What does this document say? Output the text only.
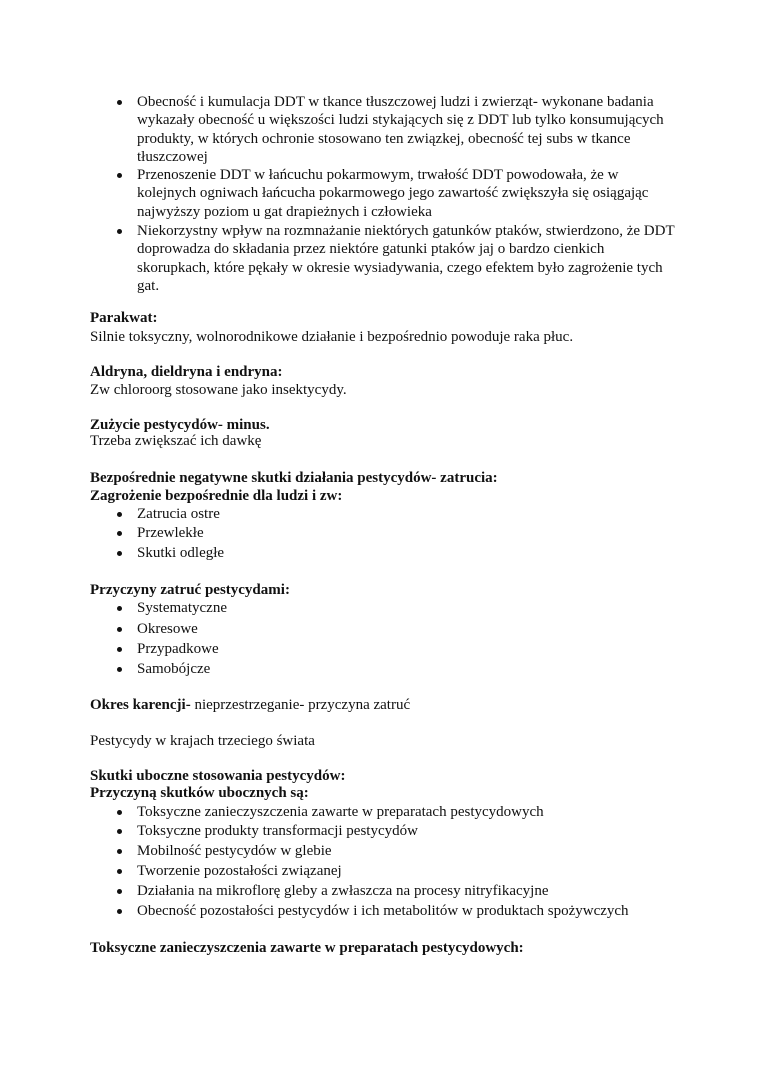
Obecność i kumulacja DDT w tkance tłuszczowej ludzi i zwierząt- wykonane badania wykazały obecność u większości ludzi stykających się z DDT lub tylko konsumujących produkty, w których ochronie stosowano ten związkej, obecność tej subs w tkance tłuszczowej
Przenoszenie DDT w łańcuchu pokarmowym, trwałość DDT powodowała, że w kolejnych ogniwach łańcucha pokarmowego jego zawartość zwiększyła się osiągając najwyższy poziom u gat drapieżnych i człowieka
Niekorzystny wpływ na rozmnażanie niektórych gatunków ptaków, stwierdzono, że DDT doprowadza do składania przez niektóre gatunki ptaków jaj o bardzo cienkich skorupkach, które pękały w okresie wysiadywania, czego efektem było zagrożenie tych gat.
Parakwat:
Silnie toksyczny, wolnorodnikowe działanie i bezpośrednio powoduje raka płuc.
Aldryna, dieldryna i endryna:
Zw chloroorg stosowane jako insektycydy.
Zużycie pestycydów- minus.
Trzeba zwiększać ich dawkę
Bezpośrednie negatywne skutki działania pestycydów- zatrucia:
Zagrożenie bezpośrednie dla ludzi i zw:
Zatrucia ostre
Przewlekłe
Skutki odległe
Przyczyny zatruć pestycydami:
Systematyczne
Okresowe
Przypadkowe
Samobójcze
Okres karencji- nieprzestrzeganie- przyczyna zatruć
Pestycydy w krajach trzeciego świata
Skutki uboczne stosowania pestycydów:
Przyczyną skutków ubocznych są:
Toksyczne zanieczyszczenia zawarte w preparatach pestycydowych
Toksyczne produkty transformacji pestycydów
Mobilność pestycydów w glebie
Tworzenie pozostałości związanej
Działania na mikroflorę gleby a zwłaszcza na procesy nitryfikacyjne
Obecność pozostałości pestycydów i ich metabolitów w produktach spożywczych
Toksyczne zanieczyszczenia zawarte w preparatach pestycydowych:
